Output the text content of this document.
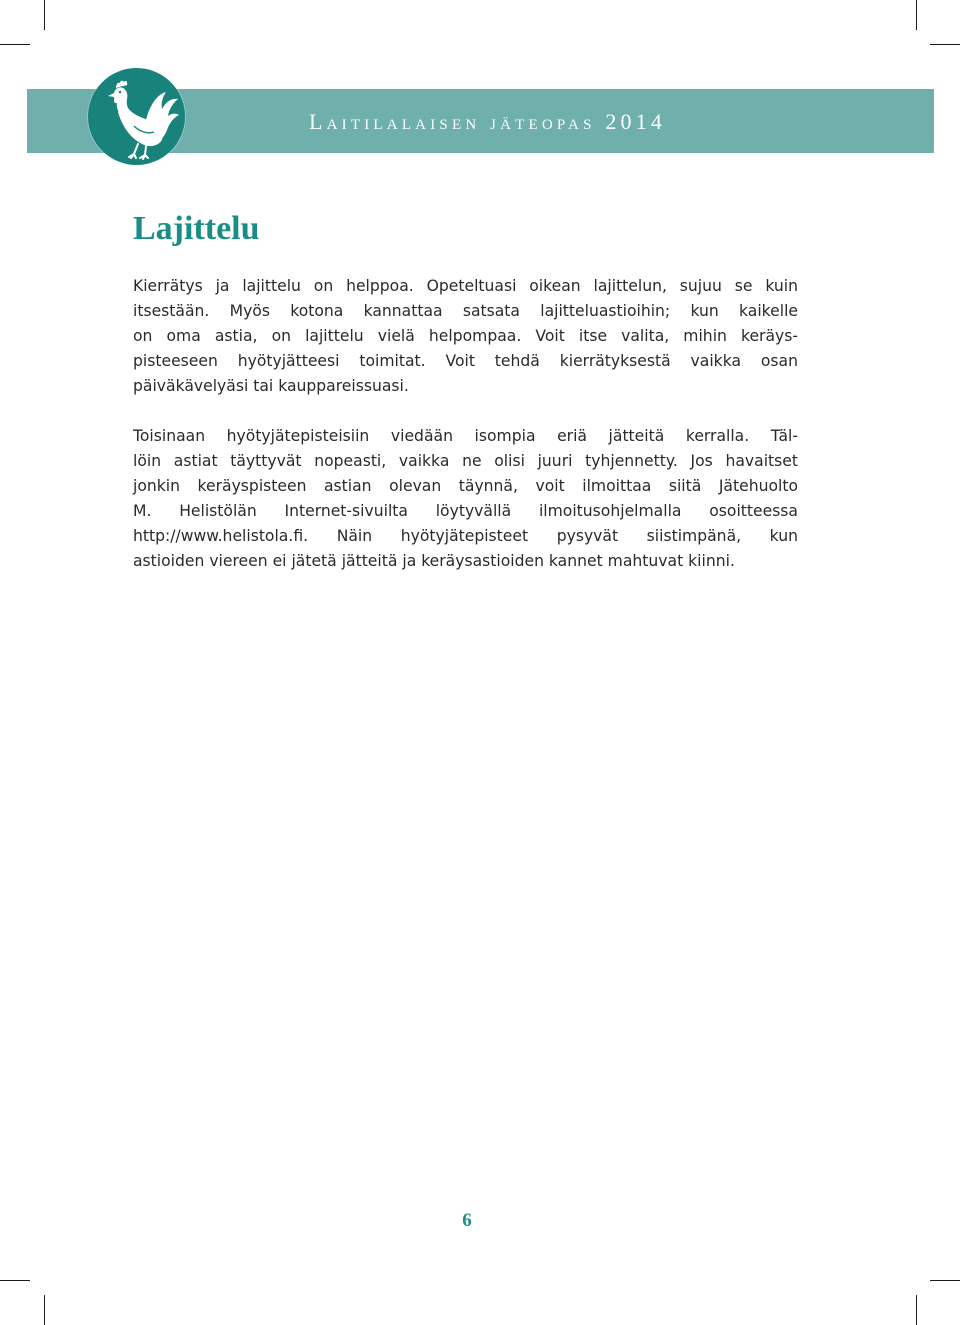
Laitilalaisen jäteopas 2014
Lajittelu
Kierrätys ja lajittelu on helppoa. Opeteltuasi oikean lajittelun, sujuu se kuin
itsestään. Myös kotona kannattaa satsata lajitteluastioihin; kun kaikelle
on oma astia, on lajittelu vielä helpompaa. Voit itse valita, mihin keräys-
pisteeseen hyötyjätteesi toimitat. Voit tehdä kierrätyksestä vaikka osan
päiväkävelyäsi tai kauppareissuasi.
Toisinaan hyötyjätepisteisiin viedään isompia eriä jätteitä kerralla. Täl-
löin astiat täyttyvät nopeasti, vaikka ne olisi juuri tyhjennetty. Jos havaitset
jonkin keräyspisteen astian olevan täynnä, voit ilmoittaa siitä Jätehuolto
M. Helistölän Internet-sivuilta löytyvällä ilmoitusohjelmalla osoitteessa
http://www.helistola.fi. Näin hyötyjätepisteet pysyvät siistimpänä, kun
astioiden viereen ei jätetä jätteitä ja keräysastioiden kannet mahtuvat kiinni.
6
